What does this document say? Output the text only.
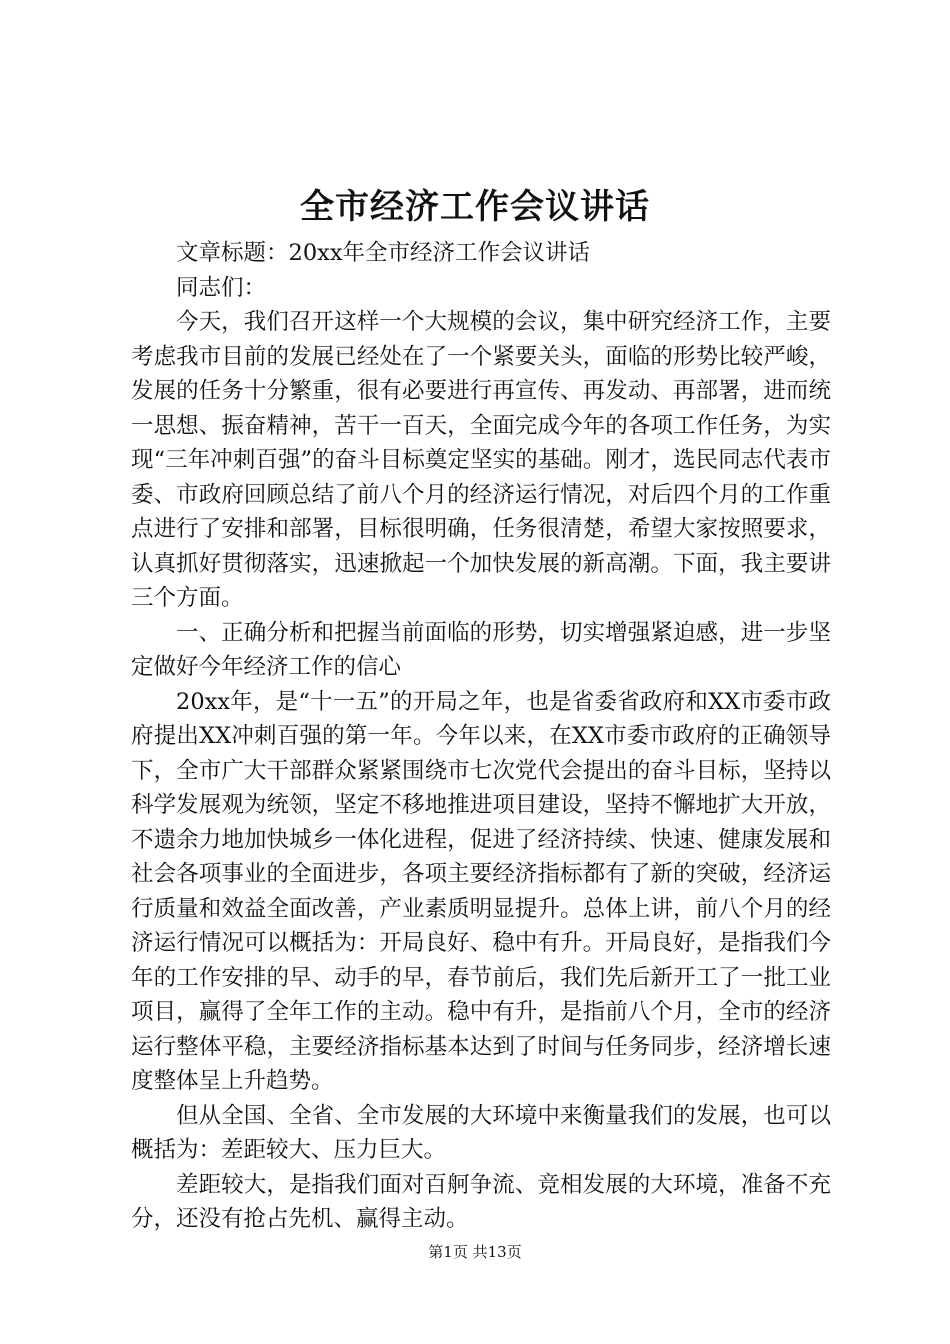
全市经济工作会议讲话

文章标题：20xx年全市经济工作会议讲话

同志们：

今天，我们召开这样一个大规模的会议，集中研究经济工作，主要考虑我市目前的发展已经处在了一个紧要关头，面临的形势比较严峻，发展的任务十分繁重，很有必要进行再宣传、再发动、再部署，进而统一思想、振奋精神，苦干一百天，全面完成今年的各项工作任务，为实现“三年冲刺百强”的奋斗目标奠定坚实的基础。刚才，选民同志代表市委、市政府回顾总结了前八个月的经济运行情况，对后四个月的工作重点进行了安排和部署，目标很明确，任务很清楚，希望大家按照要求，认真抓好贯彻落实，迅速掀起一个加快发展的新高潮。下面，我主要讲三个方面。

一、正确分析和把握当前面临的形势，切实增强紧迫感，进一步坚定做好今年经济工作的信心

20xx年，是“十一五”的开局之年，也是省委省政府和XX市委市政府提出XX冲刺百强的第一年。今年以来，在XX市委市政府的正确领导下，全市广大干部群众紧紧围绕市七次党代会提出的奋斗目标，坚持以科学发展观为统领，坚定不移地推进项目建设，坚持不懈地扩大开放，不遗余力地加快城乡一体化进程，促进了经济持续、快速、健康发展和社会各项事业的全面进步，各项主要经济指标都有了新的突破，经济运行质量和效益全面改善，产业素质明显提升。总体上讲，前八个月的经济运行情况可以概括为：开局良好、稳中有升。开局良好，是指我们今年的工作安排的早、动手的早，春节前后，我们先后新开工了一批工业项目，赢得了全年工作的主动。稳中有升，是指前八个月，全市的经济运行整体平稳，主要经济指标基本达到了时间与任务同步，经济增长速度整体呈上升趋势。

但从全国、全省、全市发展的大环境中来衡量我们的发展，也可以概括为：差距较大、压力巨大。

差距较大，是指我们面对百舸争流、竞相发展的大环境，准备不充分，还没有抢占先机、赢得主动。

第1页 共13页
